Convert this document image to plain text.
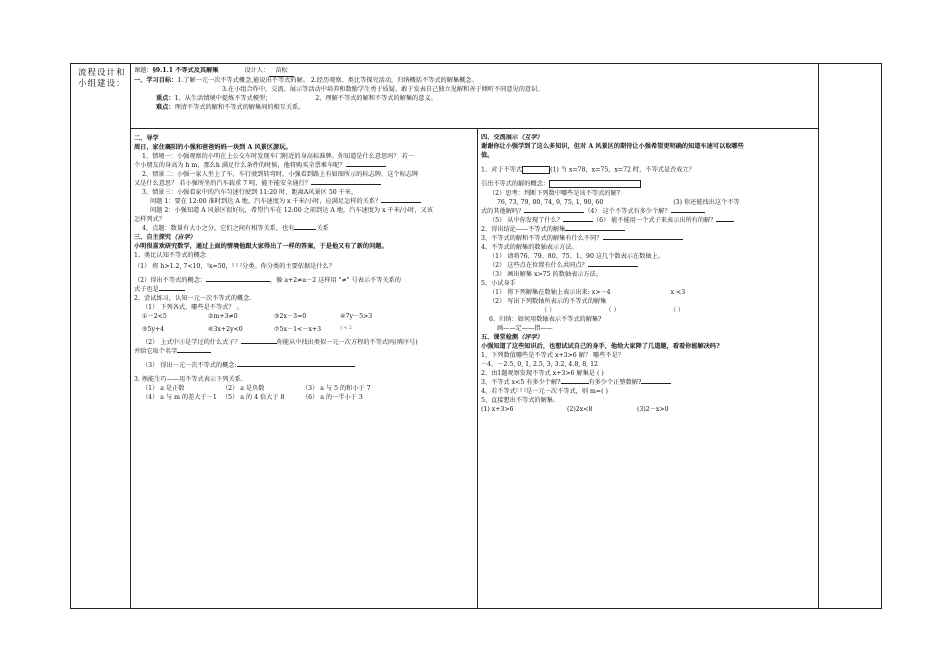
流程设计和小组建设：
课题：§9.1.1 不等式及其解集	设计人： 苗松
一、学习目标：1.了解一元一次不等式概念,能说出不等式的解。 2.经历观察、类比等探究活动，归纳概括不等式的解集概念。
3.在小组合作中，交流、展示等活动中培养和数励学生勇于质疑、敢于发表自己独立见解和善于倾听不同意见的意识。
重点：1、从生活情境中提炼不等式模型；	2、理解不等式的解和不等式的解集的意义。
难点：理清不等式的解和不等式的解集间的相互关系。
二、导学
周日，家住襄阳的小强和爸爸妈妈一块到 A 风景区游玩。
1、情境一：小强观察的小明在上公交车时发现车门附近的身高标准牌。你知道是什么意思吗？ 若一
个小朋友的身高为 h m，那么h 满足什么条件的时候，他将购买全票乘车呢？
2、情景二：小强一家人坐上了车，车行驶到转弯时，小强看到路上有如图所示的标志牌，这个标志牌
又是什么意思？ 若小强所坐的汽车载重 7 吨，能不能安全通行？
3、情景三：小强看家中的汽车匀速行驶到 11:20 时，距离A风景区 50 千米，
问题 1：要在 12:00 准时到达 A 地，汽车速度为 x 千米/小时，应满足怎样的关系？
问题 2：小强知道 A 风景区很好玩，希望汽车在 12:00 之前到达 A 地，汽车速度为 x 千米/小时，又该
怎样列式？
4、点题：数量有大小之分，它们之间有相等关系，也有	关系
三、自主探究（自学）
小明很喜欢研究数学，通过上面的情境他跟大家得出了一样的答案，于是他又有了新的问题。
1、类比认知不等式的概念
（1） 将 h>1.2, 7<10，▯x=50，▯ ▯ ▯分类。你分类的主要依据是什么？
（2）得出不等式的概念：	，像 a+2≠a－2 这样用 "≠" 号表示不等关系的
式子也是
2、尝试练习，认知一元一次不等式的概念.
（1） 下列各式，哪些是不等式？ 。
①－2<5	②m+3≠0	③2x－3=0	④7y－5>3
⑤5y+4	⑥3x+2y<0	⑦5x－1<－x+3	▯ < 2
（2） 上式中③是学过的什么式子？	你能从中找出类似一元一次方程的不等式吗(填序号)
并给它取个名字
（3） 得出一元一次不等式的概念:
3. 熟能生巧——用不等式表示下列关系.
（1） a 是正数	（2） a 是负数	（3） a 与 5 的和小于 7
（4） a 与 m 的差大于－1 （5） a 的 4 倍大于 8	（6） a 的一半小于 3
四、交流展示（互学）
谢谢你让小强学到了这么多知识，但对 A 风景区的期待让小强希望更明确的知道车速可以取哪些
值。
1、对于不等式	(1) 当 x=78，x=75，x=72 时，不等式是否成立？
引出不等式的解的概念：
（2）思考：判断下列数中哪些是该不等式的解?
76, 73, 79, 80, 74, 9, 75, 1, 90, 60	(3) 你还能找出这个不等
式的其他解吗？	（4） 这个不等式有多少个解？
（5） 从中你发现了什么？	（6） 能不能用一个式子来表示出所有的解？
2、得出结论——不等式的解集
3、不等式的解和不等式的解集有什么不同？
4、不等式的解集的数轴表示方法。
（1） 请将76、79、80、75、1、90 这几个数表示在数轴上。
（2） 这些点在位置有什么共同点？
（3） 画出解集 x>75 的数轴表示方法。
5、小试身手
（1） 将下列解集在数轴上表示出来: x>－4	x <3
（2） 写出下列数轴所表示的不等式的解集
（ ）	（ ）	（ ）
6、归纳：如何用数轴表示不等式的解集?
画——定——指——
五、课堂检测（评学）
小强知道了这些知识后，也想试试自己的身手，他给大家降了几道题，看看你能解决吗?
1、下列数值哪些是不等式 x+3>6 解？ 哪些不是？
－4，－2.5, 0, 1, 2.5, 3, 3.2, 4.8, 8, 12
2、由1题观察发现不等式 x+3>6 解集是 ( )
3、不等式 x<5 有多少个解?	有多少个正整数解?
4、若不等式▯ ▯ ▯是一元一次不等式，则 m=( )
5、直接想出不等式的解集.
(1) x+3>6	(2)2x<8	(3)2－x>0
